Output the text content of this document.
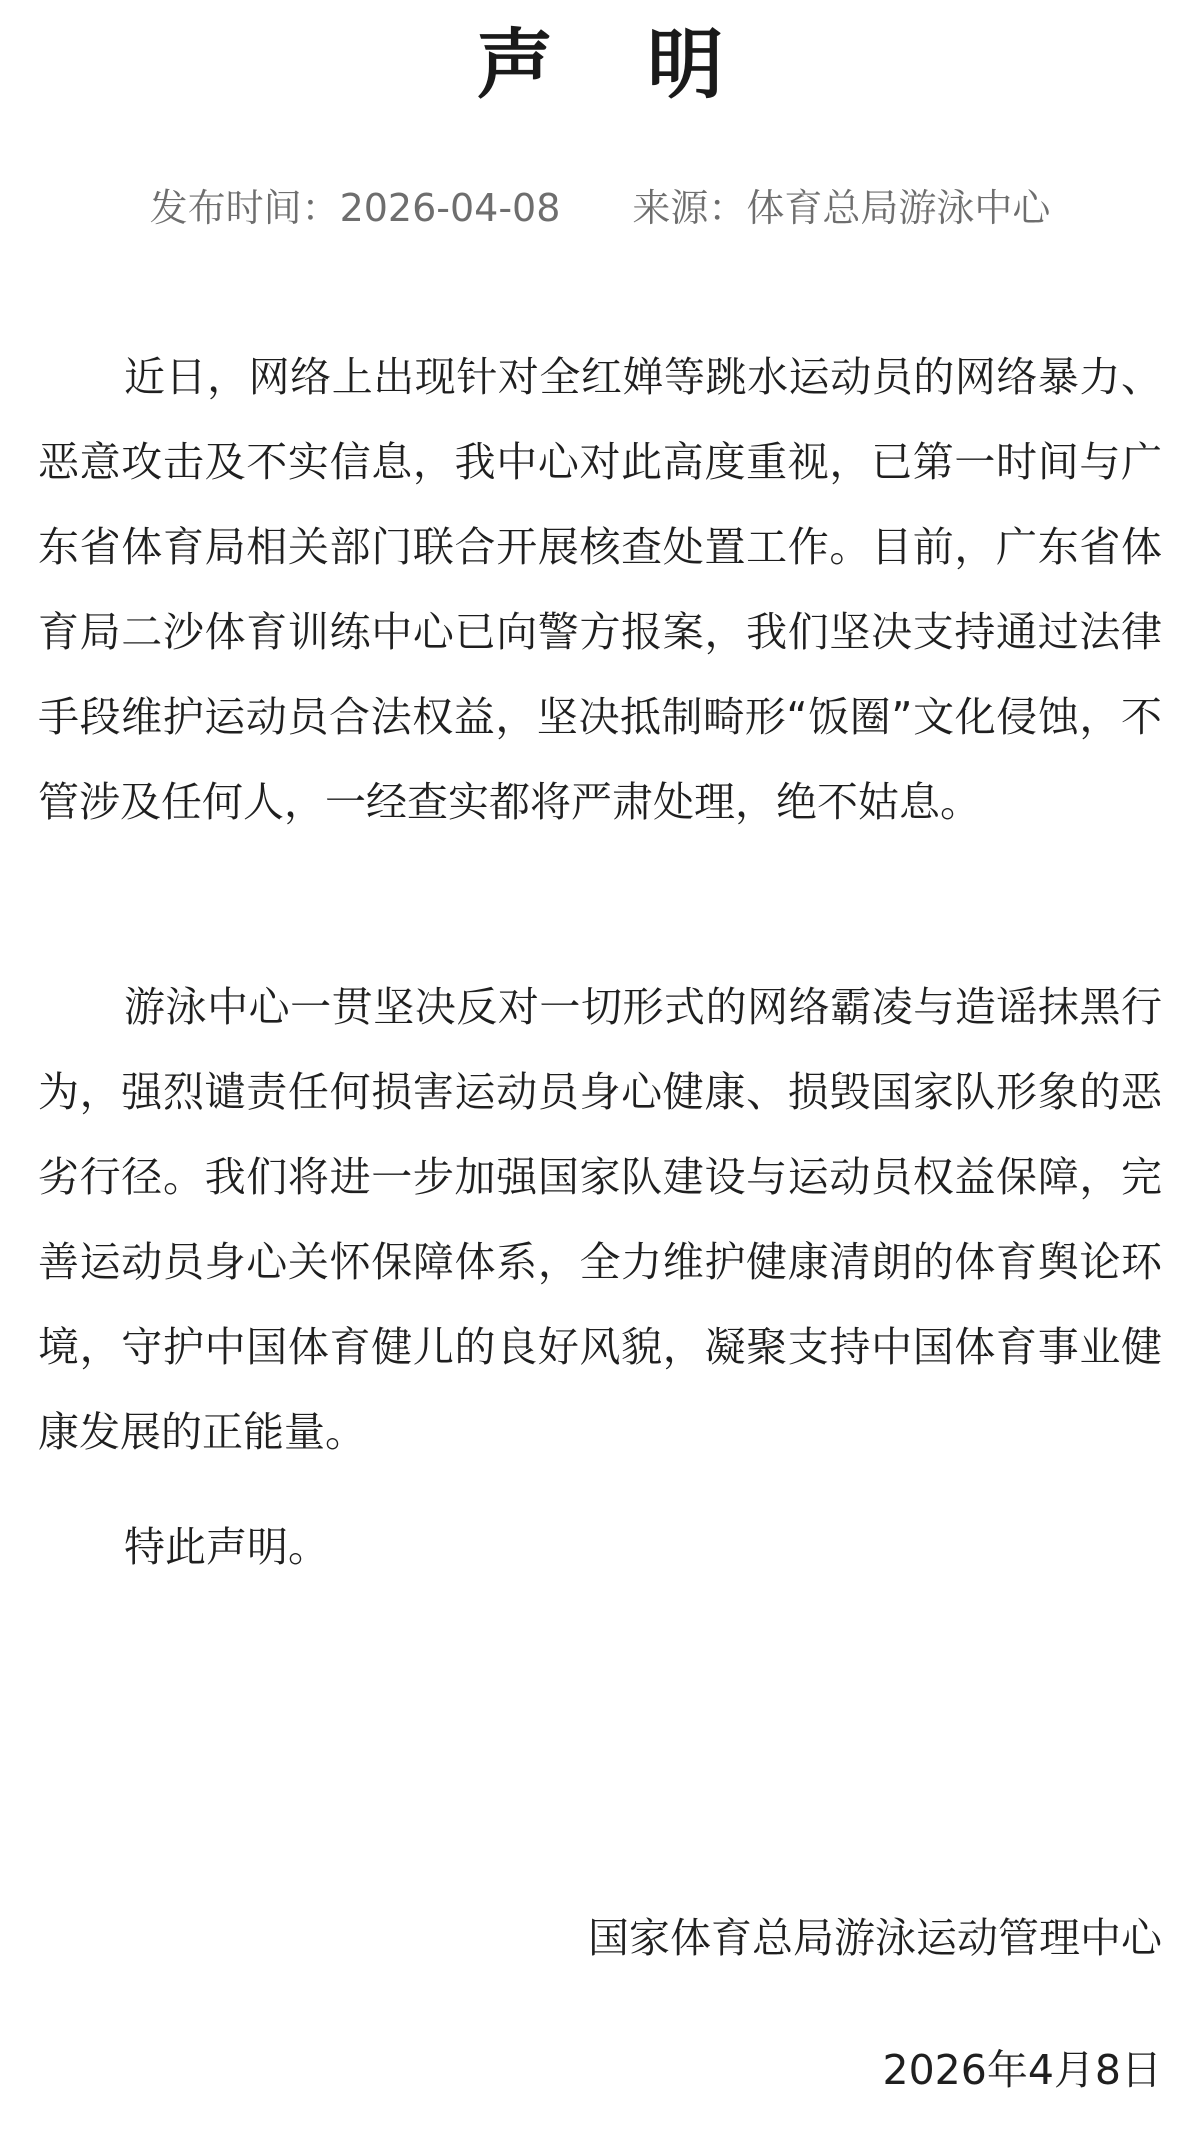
声 明
发布时间：2026-04-08 来源：体育总局游泳中心

近日，网络上出现针对全红婵等跳水运动员的网络暴力、恶意攻击及不实信息，我中心对此高度重视，已第一时间与广东省体育局相关部门联合开展核查处置工作。目前，广东省体育局二沙体育训练中心已向警方报案，我们坚决支持通过法律手段维护运动员合法权益，坚决抵制畸形“饭圈”文化侵蚀，不管涉及任何人，一经查实都将严肃处理，绝不姑息。

游泳中心一贯坚决反对一切形式的网络霸凌与造谣抹黑行为，强烈谴责任何损害运动员身心健康、损毁国家队形象的恶劣行径。我们将进一步加强国家队建设与运动员权益保障，完善运动员身心关怀保障体系，全力维护健康清朗的体育舆论环境，守护中国体育健儿的良好风貌，凝聚支持中国体育事业健康发展的正能量。

特此声明。

国家体育总局游泳运动管理中心
2026年4月8日
